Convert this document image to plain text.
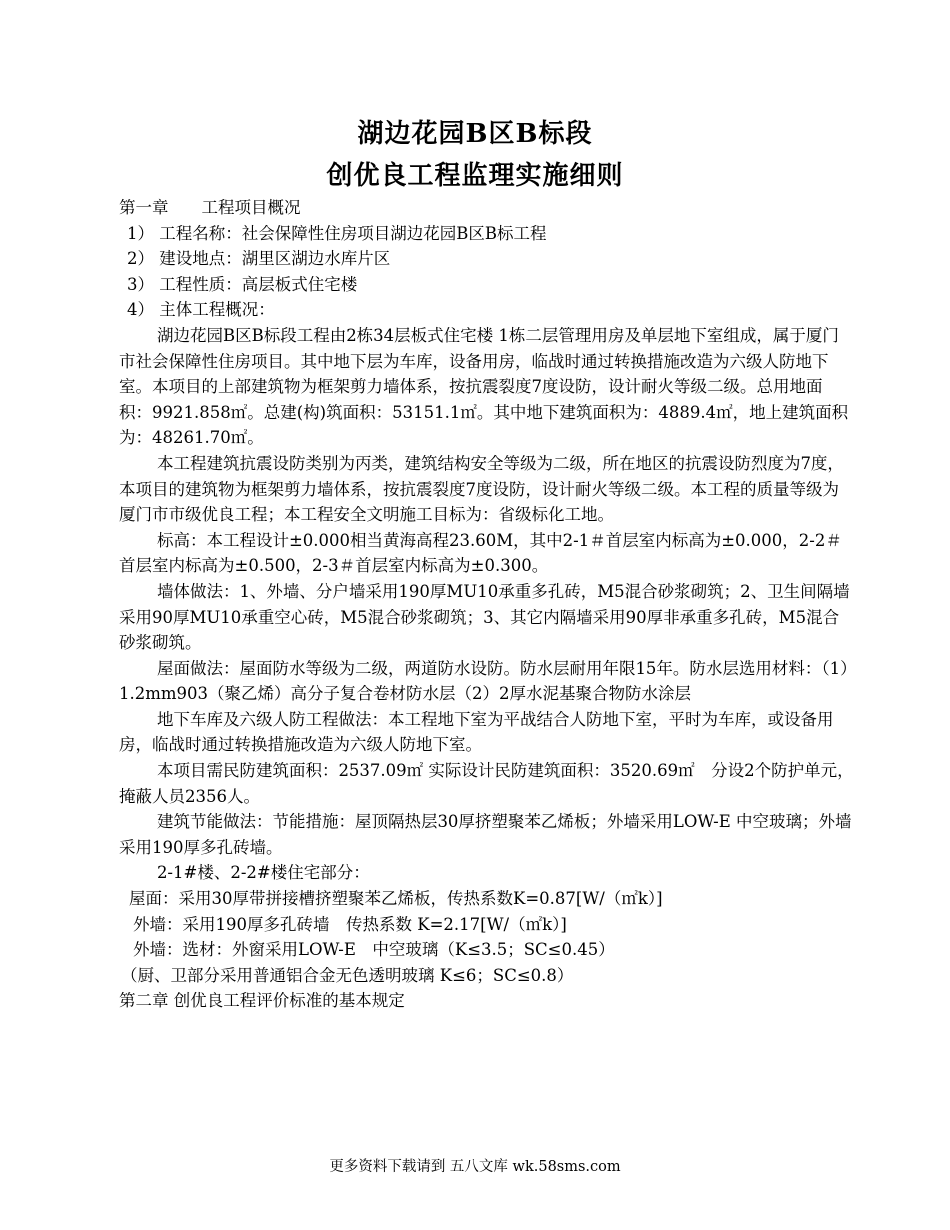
湖边花园B区B标段
创优良工程监理实施细则

第一章　　工程项目概况

1） 工程名称：社会保障性住房项目湖边花园B区B标工程

2） 建设地点：湖里区湖边水库片区

3） 工程性质：高层板式住宅楼

4） 主体工程概况：

湖边花园B区B标段工程由2栋34层板式住宅楼 1栋二层管理用房及单层地下室组成，属于厦门市社会保障性住房项目。其中地下层为车库，设备用房，临战时通过转换措施改造为六级人防地下室。本项目的上部建筑物为框架剪力墙体系，按抗震裂度7度设防，设计耐火等级二级。总用地面积：9921.858㎡。总建(构)筑面积：53151.1㎡。其中地下建筑面积为：4889.4㎡，地上建筑面积为：48261.70㎡。

本工程建筑抗震设防类别为丙类，建筑结构安全等级为二级，所在地区的抗震设防烈度为7度，本项目的建筑物为框架剪力墙体系，按抗震裂度7度设防，设计耐火等级二级。本工程的质量等级为厦门市市级优良工程；本工程安全文明施工目标为：省级标化工地。

标高：本工程设计±0.000相当黄海高程23.60M，其中2-1＃首层室内标高为±0.000，2-2＃首层室内标高为±0.500，2-3＃首层室内标高为±0.300。

墙体做法：1、外墙、分户墙采用190厚MU10承重多孔砖，M5混合砂浆砌筑；2、卫生间隔墙采用90厚MU10承重空心砖，M5混合砂浆砌筑；3、其它内隔墙采用90厚非承重多孔砖，M5混合砂浆砌筑。

屋面做法：屋面防水等级为二级，两道防水设防。防水层耐用年限15年。防水层选用材料：（1）1.2mm903（聚乙烯）高分子复合卷材防水层（2）2厚水泥基聚合物防水涂层

地下车库及六级人防工程做法：本工程地下室为平战结合人防地下室，平时为车库，或设备用房，临战时通过转换措施改造为六级人防地下室。

本项目需民防建筑面积：2537.09㎡ 实际设计民防建筑面积：3520.69㎡　分设2个防护单元，掩蔽人员2356人。

建筑节能做法：节能措施：屋顶隔热层30厚挤塑聚苯乙烯板；外墙采用LOW-E 中空玻璃；外墙采用190厚多孔砖墙。

2-1#楼、2-2#楼住宅部分：

屋面：采用30厚带拼接槽挤塑聚苯乙烯板，传热系数K=0.87[W/（㎡k）]

外墙：采用190厚多孔砖墙　传热系数 K=2.17[W/（㎡k）]

外墙：选材：外窗采用LOW-E　中空玻璃（K≤3.5；SC≤0.45）

（厨、卫部分采用普通铝合金无色透明玻璃 K≤6；SC≤0.8）

第二章 创优良工程评价标准的基本规定

更多资料下载请到 五八文库 wk.58sms.com
